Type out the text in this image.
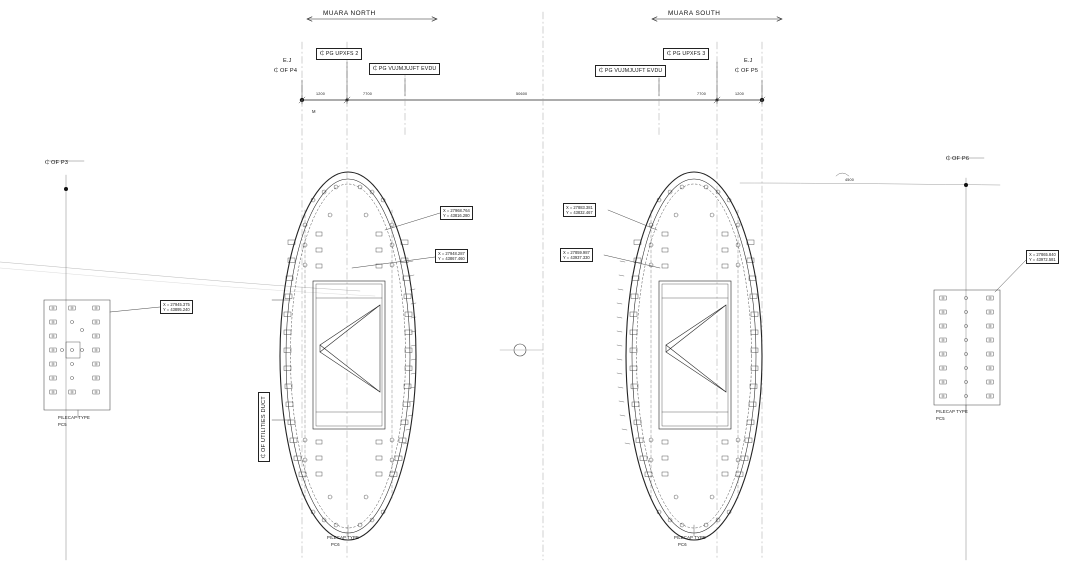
MUARA NORTH	MUARA SOUTH
E.J
₵ OF P4
E.J
₵ OF P5
₵ OF P3
₵ OF P6
₵ PG UPXFS 2	₵ PG UPXFS 3
₵ PG VUJMJUJFT EVDU	₵ PG VUJMJUJFT EVDU
M
1200	7700	50600	7700	1200
4500
X = 27945.375
Y = 43895.240
X = 27968.764
Y = 43816.280
X = 27948.287
Y = 43867.460
X = 27883.381
Y = 43832.467
X = 27859.987
Y = 43937.330
X = 27865.840
Y = 43972.581
₵ OF UTILITIES DUCT
PILECAP TYPE
PC5
PILECAP TYPE
PC6
PILECAP TYPE
PC6
PILECAP TYPE
PC5
